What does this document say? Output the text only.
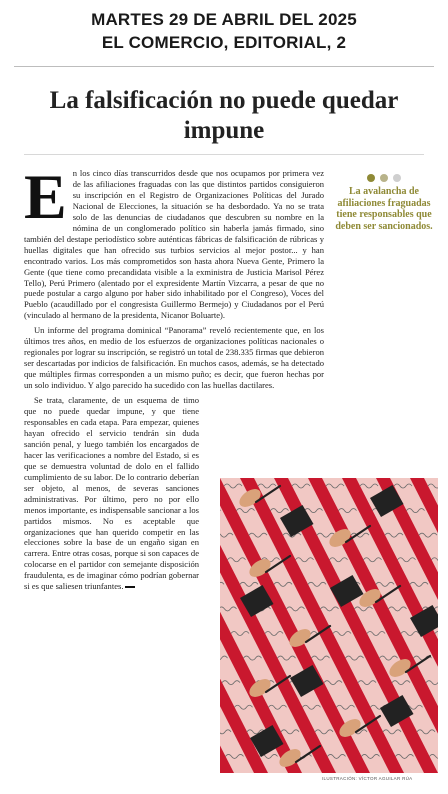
MARTES 29 DE ABRIL DEL 2025
EL COMERCIO, EDITORIAL, 2
La falsificación no puede quedar impune

E n los cinco días transcurridos desde que nos ocupamos por primera vez de las afiliaciones fraguadas con las que distintos partidos consiguieron su inscripción en el Registro de Organizaciones Políticas del Jurado Nacional de Elecciones, la situación se ha desbordado. Ya no se trata solo de las denuncias de ciudadanos que descubren su nombre en la nómina de un conglomerado político sin haberla jamás firmado, sino también del destape periodístico sobre auténticas fábricas de falsificación de rúbricas y huellas digitales que han ofrecido sus turbios servicios al mejor postor... y han encontrado varios. Los más comprometidos son hasta ahora Nueva Gente, Primero la Gente (que tiene como precandidata visible a la exministra de Justicia Marisol Pérez Tello), Perú Primero (alentado por el expresidente Martín Vizcarra, a pesar de que no puede postular a cargo alguno por haber sido inhabilitado por el Congreso), Voces del Pueblo (acaudillado por el congresista Guillermo Bermejo) y Ciudadanos por el Perú (vinculado al hermano de la presidenta, Nicanor Boluarte).

Un informe del programa dominical “Panorama” reveló recientemente que, en los últimos tres años, en medio de los esfuerzos de organizaciones políticas nacionales o regionales por lograr su inscripción, se registró un total de 238.335 firmas que debieron ser descartadas por indicios de falsificación. En muchos casos, además, se ha detectado que múltiples firmas corresponden a un mismo puño; es decir, que fueron hechas por un solo individuo. Y algo parecido ha sucedido con las huellas dactilares.

Se trata, claramente, de un esquema de timo que no puede quedar impune, y que tiene responsables en cada etapa. Para empezar, quienes hayan ofrecido el servicio tendrán sin duda sanción penal, y luego también los encargados de hacer las verificaciones a nombre del Estado, si es que se demuestra voluntad de dolo en el fallido cumplimiento de su labor. De lo contrario deberían ser objeto, al menos, de severas sanciones administrativas. Por último, pero no por ello menos importante, es indispensable sancionar a los partidos mismos. No es aceptable que organizaciones que han querido competir en las elecciones sobre la base de un engaño sigan en carrera. Entre otras cosas, porque si son capaces de colocarse en el partidor con semejante disposición fraudulenta, es de imaginar cómo podrían gobernar si es que saliesen triunfantes.

La avalancha de afiliaciones fraguadas tiene responsables que deben ser sancionados.
ILUSTRACIÓN: VÍCTOR AGUILAR RÚA
